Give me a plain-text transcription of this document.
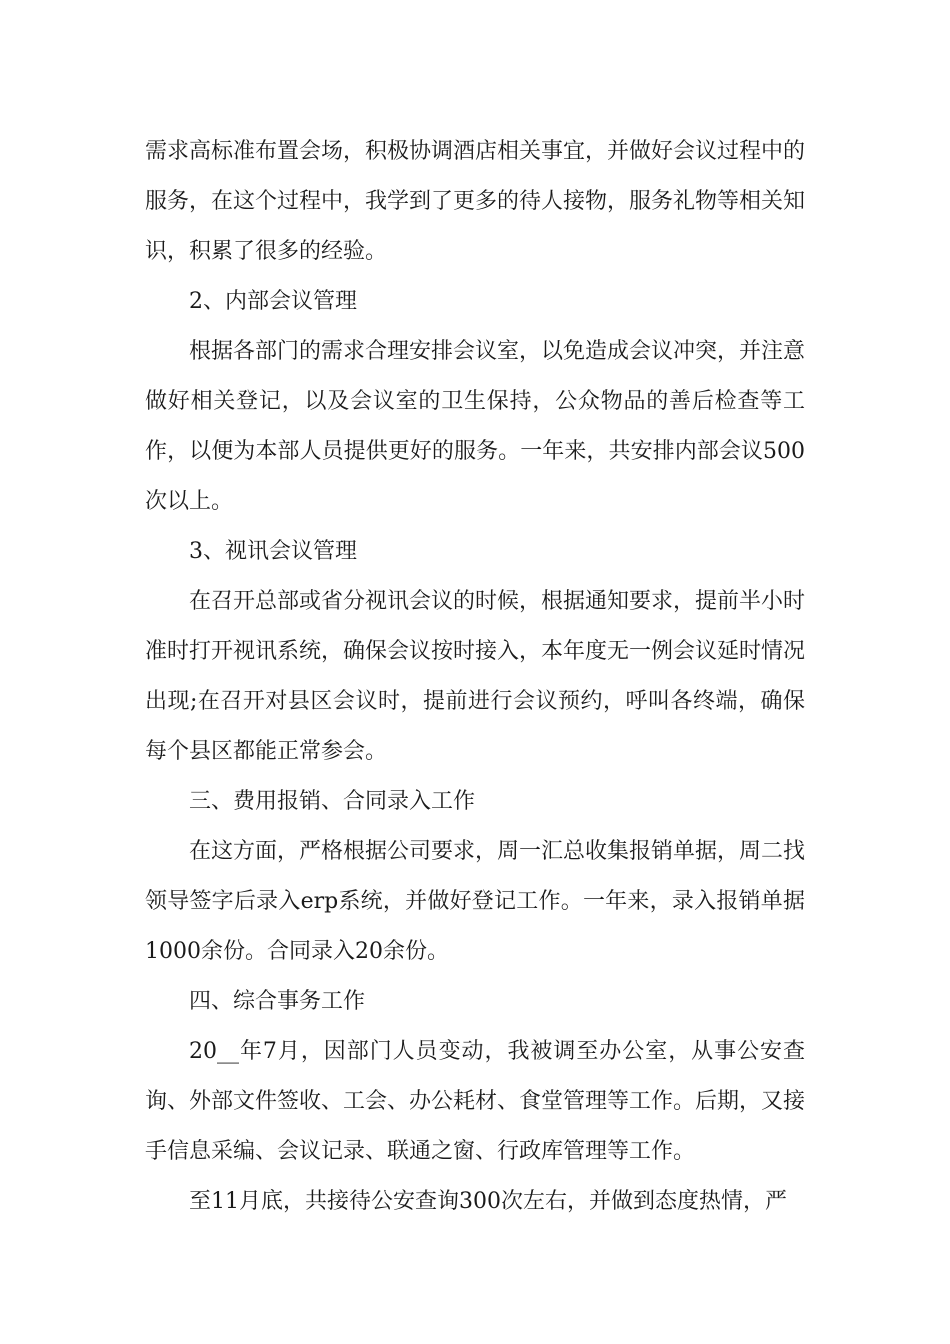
需求高标准布置会场，积极协调酒店相关事宜，并做好会议过程中的服务，在这个过程中，我学到了更多的待人接物，服务礼物等相关知识，积累了很多的经验。

2、内部会议管理

根据各部门的需求合理安排会议室，以免造成会议冲突，并注意做好相关登记，以及会议室的卫生保持，公众物品的善后检查等工作，以便为本部人员提供更好的服务。一年来，共安排内部会议500次以上。

3、视讯会议管理

在召开总部或省分视讯会议的时候，根据通知要求，提前半小时准时打开视讯系统，确保会议按时接入，本年度无一例会议延时情况出现;在召开对县区会议时，提前进行会议预约，呼叫各终端，确保每个县区都能正常参会。

三、费用报销、合同录入工作

在这方面，严格根据公司要求，周一汇总收集报销单据，周二找领导签字后录入erp系统，并做好登记工作。一年来，录入报销单据1000余份。合同录入20余份。

四、综合事务工作

20__年7月，因部门人员变动，我被调至办公室，从事公安查询、外部文件签收、工会、办公耗材、食堂管理等工作。后期，又接手信息采编、会议记录、联通之窗、行政库管理等工作。

至11月底，共接待公安查询300次左右，并做到态度热情，严
